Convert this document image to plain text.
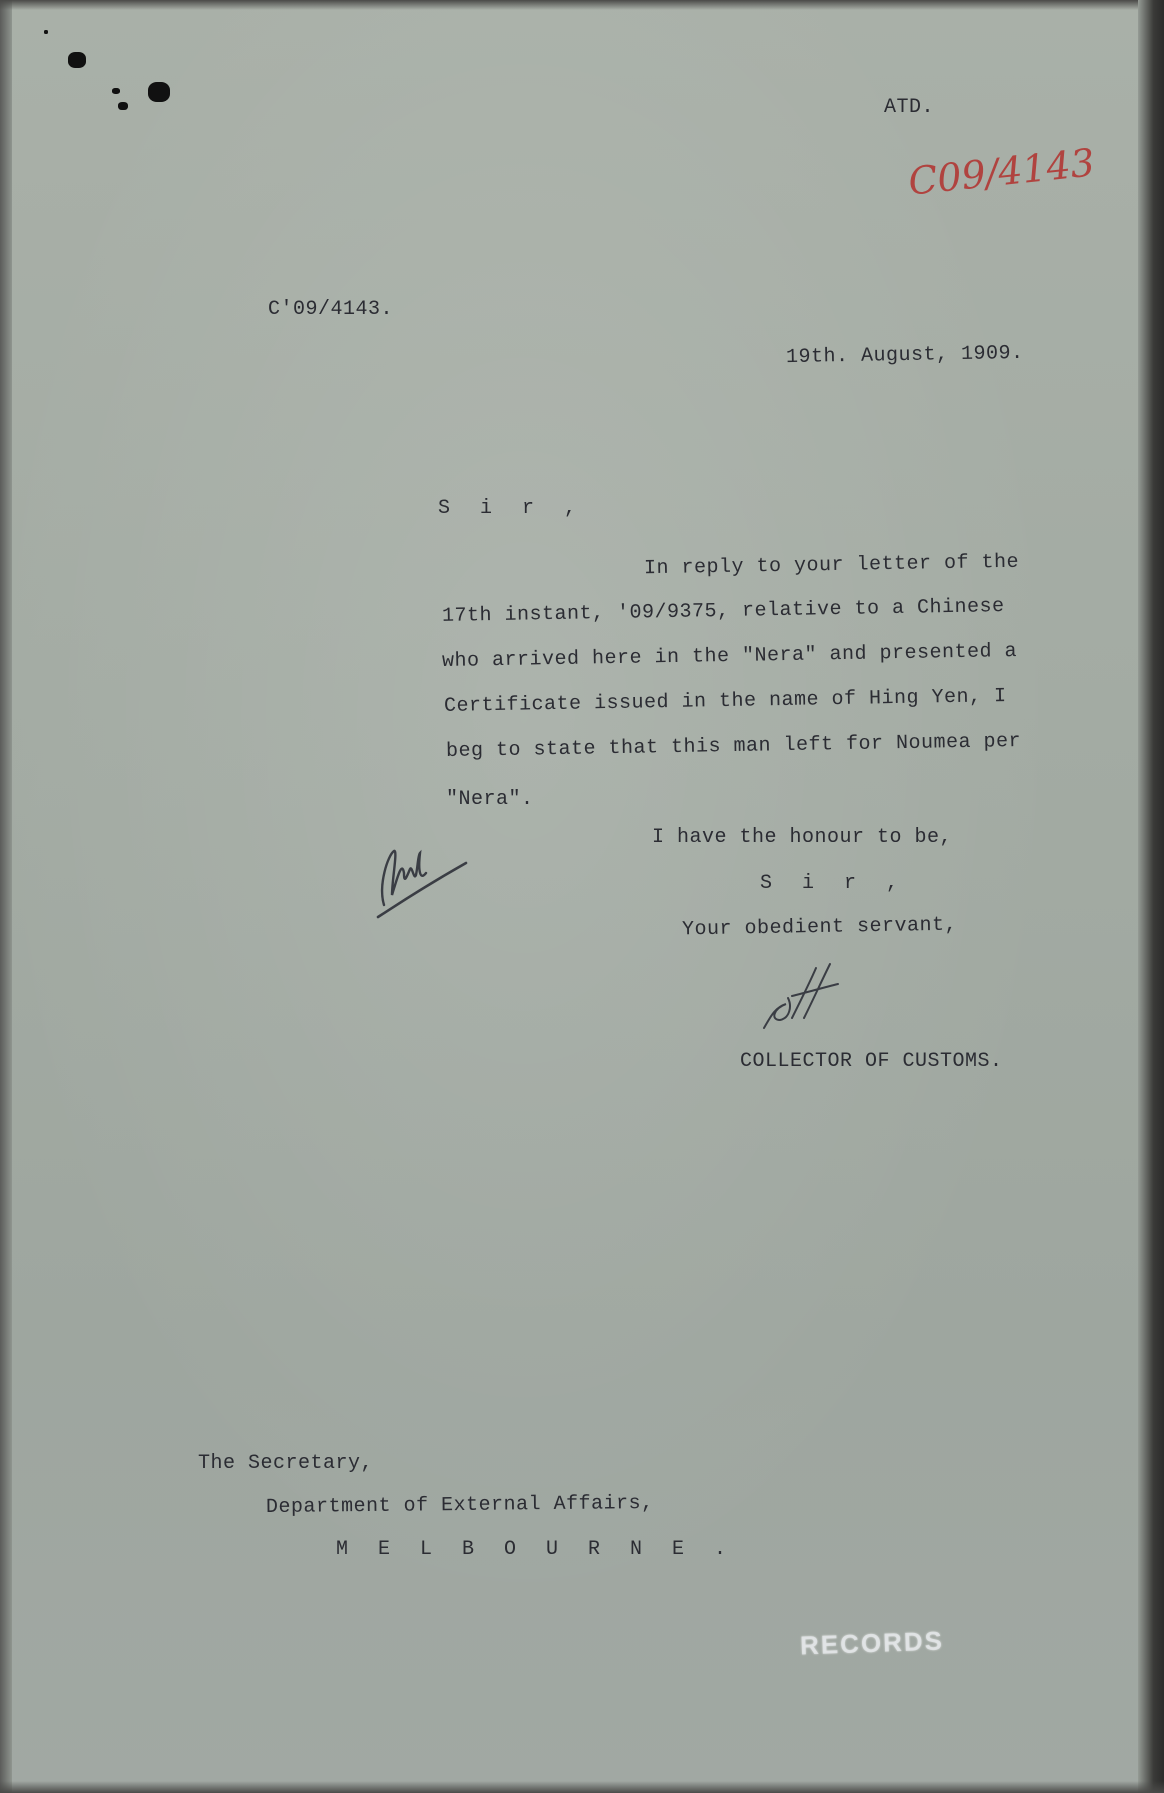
ATD.
C09/4143
C'09/4143.
19th. August, 1909.
S i r ,
In reply to your letter of the
17th instant, '09/9375, relative to a Chinese
who arrived here in the "Nera" and presented a
Certificate issued in the name of Hing Yen, I
beg to state that this man left for Noumea per
"Nera".
I have the honour to be,
S i r ,
Your obedient servant,
COLLECTOR OF CUSTOMS.
The Secretary,
Department of External Affairs,
M E L B O U R N E .
RECORDS
